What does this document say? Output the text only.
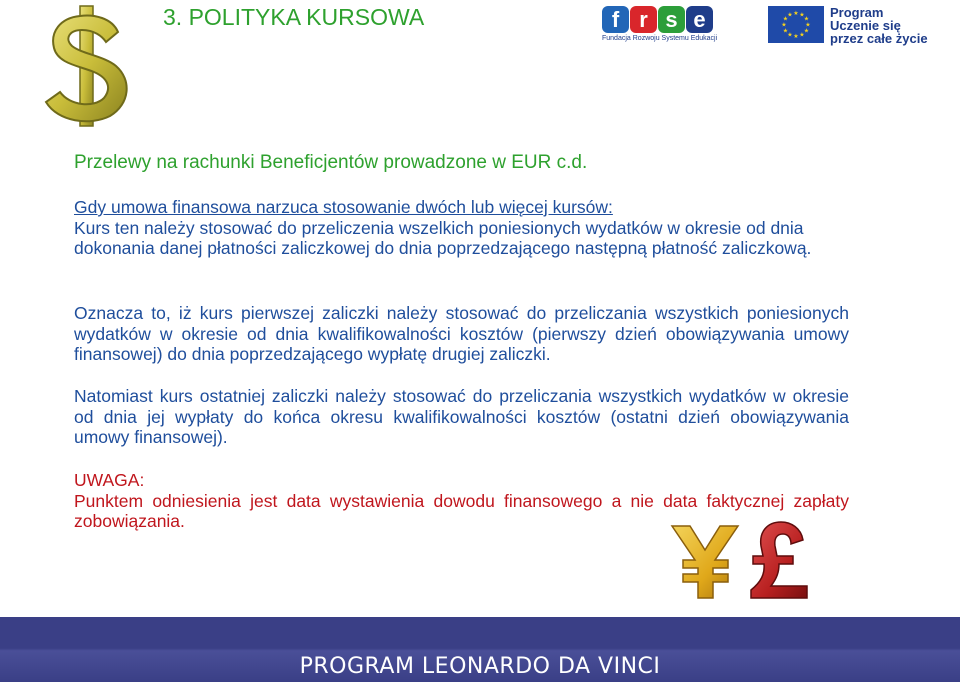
3. POLITYKA KURSOWA	f r s e
Fundacja Rozwoju Systemu Edukacji
★ ★
★
★
★
★
★
★
★
★
★
★	Program
Uczenie się
przez całe życie

Przelewy na rachunki Beneficjentów prowadzone w EUR c.d.

Gdy umowa finansowa narzuca stosowanie dwóch lub więcej kursów:
Kurs ten należy stosować do przeliczenia wszelkich poniesionych wydatków w okresie od dnia dokonania danej płatności zaliczkowej do dnia poprzedzającego następną płatność zaliczkową.

Oznacza to, iż kurs pierwszej zaliczki należy stosować do przeliczania wszystkich poniesionych wydatków w okresie od dnia kwalifikowalności kosztów (pierwszy dzień obowiązywania umowy finansowej) do dnia poprzedzającego wypłatę drugiej zaliczki.

Natomiast kurs ostatniej zaliczki należy stosować do przeliczania wszystkich wydatków w okresie od dnia jej wypłaty do końca okresu kwalifikowalności kosztów (ostatni dzień obowiązywania umowy finansowej).

UWAGA:
Punktem odniesienia jest data wystawienia dowodu finansowego a nie data faktycznej zapłaty zobowiązania.

PROGRAM LEONARDO DA VINCI
